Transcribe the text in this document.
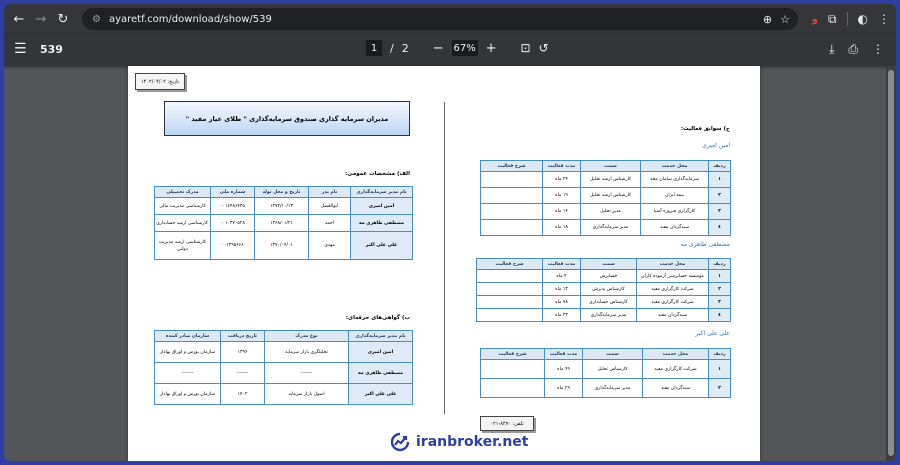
← → ↻	⚙ ayaretf.com/download/show/539	⊕ ☆ و ⧉ ◐ ⋮
☰ 539	1	/ 2 − 67% + ⊡ ↺	⤓ ⎙ ⋮
تاریخ: ۱۴۰۲/۰۴/۰۲
مدیران سرمایه گذاری صندوق سرمایه‌گذاری " طلای عیار مفید "
الف) مشخصات عمومی:
نام مدیر سرمایه‌گذاری	نام پدر	تاریخ و محل تولد	شماره ملی	مدرک تحصیلی
امین امیری	ابوالفضل	۱۳۷۲/۱۰/۱۳	۰۰۱۶۴۸۶۴۳۵	کارشناسی مدیریت مالی
مصطفی طاهری مه	احمد	۱۳۶۸/۰۱/۲۱	۰۰۱۰۳۷۰۵۲۸	کارشناسی ارشد حسابداری
علی علی اکبر	مهدی	۱۳۷۰/۰۴/۰۱	۰۰۱۳۹۵۶۶۶	کارشناسی ارشد مدیریت دولتی
ب) گواهی‌های حرفه‌ای:
نام مدیر سرمایه‌گذاری	نوع مدرک	تاریخ دریافت	سازمان صادر کننده
امین امیری	تحلیلگری بازار سرمایه	۱۳۹۶	سازمان بورس و اوراق بهادار
مصطفی طاهری مه	-------	-------	-------
علی علی اکبر	اصول بازار سرمایه	۱۴۰۲	سازمان بورس و اوراق بهادار
ج) سوابق فعالیت:
امین امیری
ردیف	محل خدمت	سمت	مدت فعالیت	شرح فعالیت
۱	سرمایه‌گذاری سامان مجد	کارشناس ارشد تحلیل	۲۴ ماه	
۲	بیمه ایران	کارشناس ارشد تحلیل	۱۹ ماه	
۳	کارگزاری فیروزه آسیا	مدیر تحلیل	۱۴ ماه	
٤	سبدگردان مفید	مدیر سرمایه‌گذاری	۱۸ ماه	
مصطفی طاهری مه
ردیف	محل خدمت	سمت	مدت فعالیت	شرح فعالیت
۱	موسسه حسابرسی آزموده کاران	حسابرس	۴ ماه	
۲	شرکت کارگزاری مفید	کارشناس پذیرش	۱۳ ماه	
۳	شرکت کارگزاری مفید	کارشناس حسابداری	۷۸ ماه	
٤	سبدگردان مفید	مدیر سرمایه‌گذاری	۳۳ ماه	
علی علی اکبر
ردیف	محل خدمت	سمت	مدت فعالیت	شرح فعالیت
۱	شرکت کارگزاری مفید	کارشناس تحلیل	۹۹ ماه	
۲	سبدگردان مفید	مدیر سرمایه‌گذاری	۲۹ ماه	
تلفن: ۸۴۷۰-۰۲۱
iranbroker.net
